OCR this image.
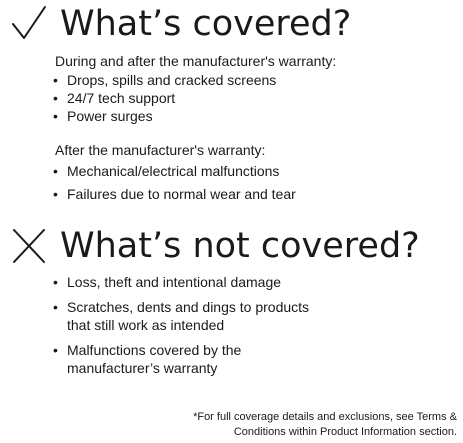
What’s covered?
During and after the manufacturer's warranty:
• Drops, spills and cracked screens
• 24/7 tech support
• Power surges
After the manufacturer's warranty:
• Mechanical/electrical malfunctions
• Failures due to normal wear and tear
What’s not covered?
• Loss, theft and intentional damage
• Scratches, dents and dings to products
that still work as intended
• Malfunctions covered by the
manufacturer’s warranty
*For full coverage details and exclusions, see Terms &
Conditions within Product Information section.
